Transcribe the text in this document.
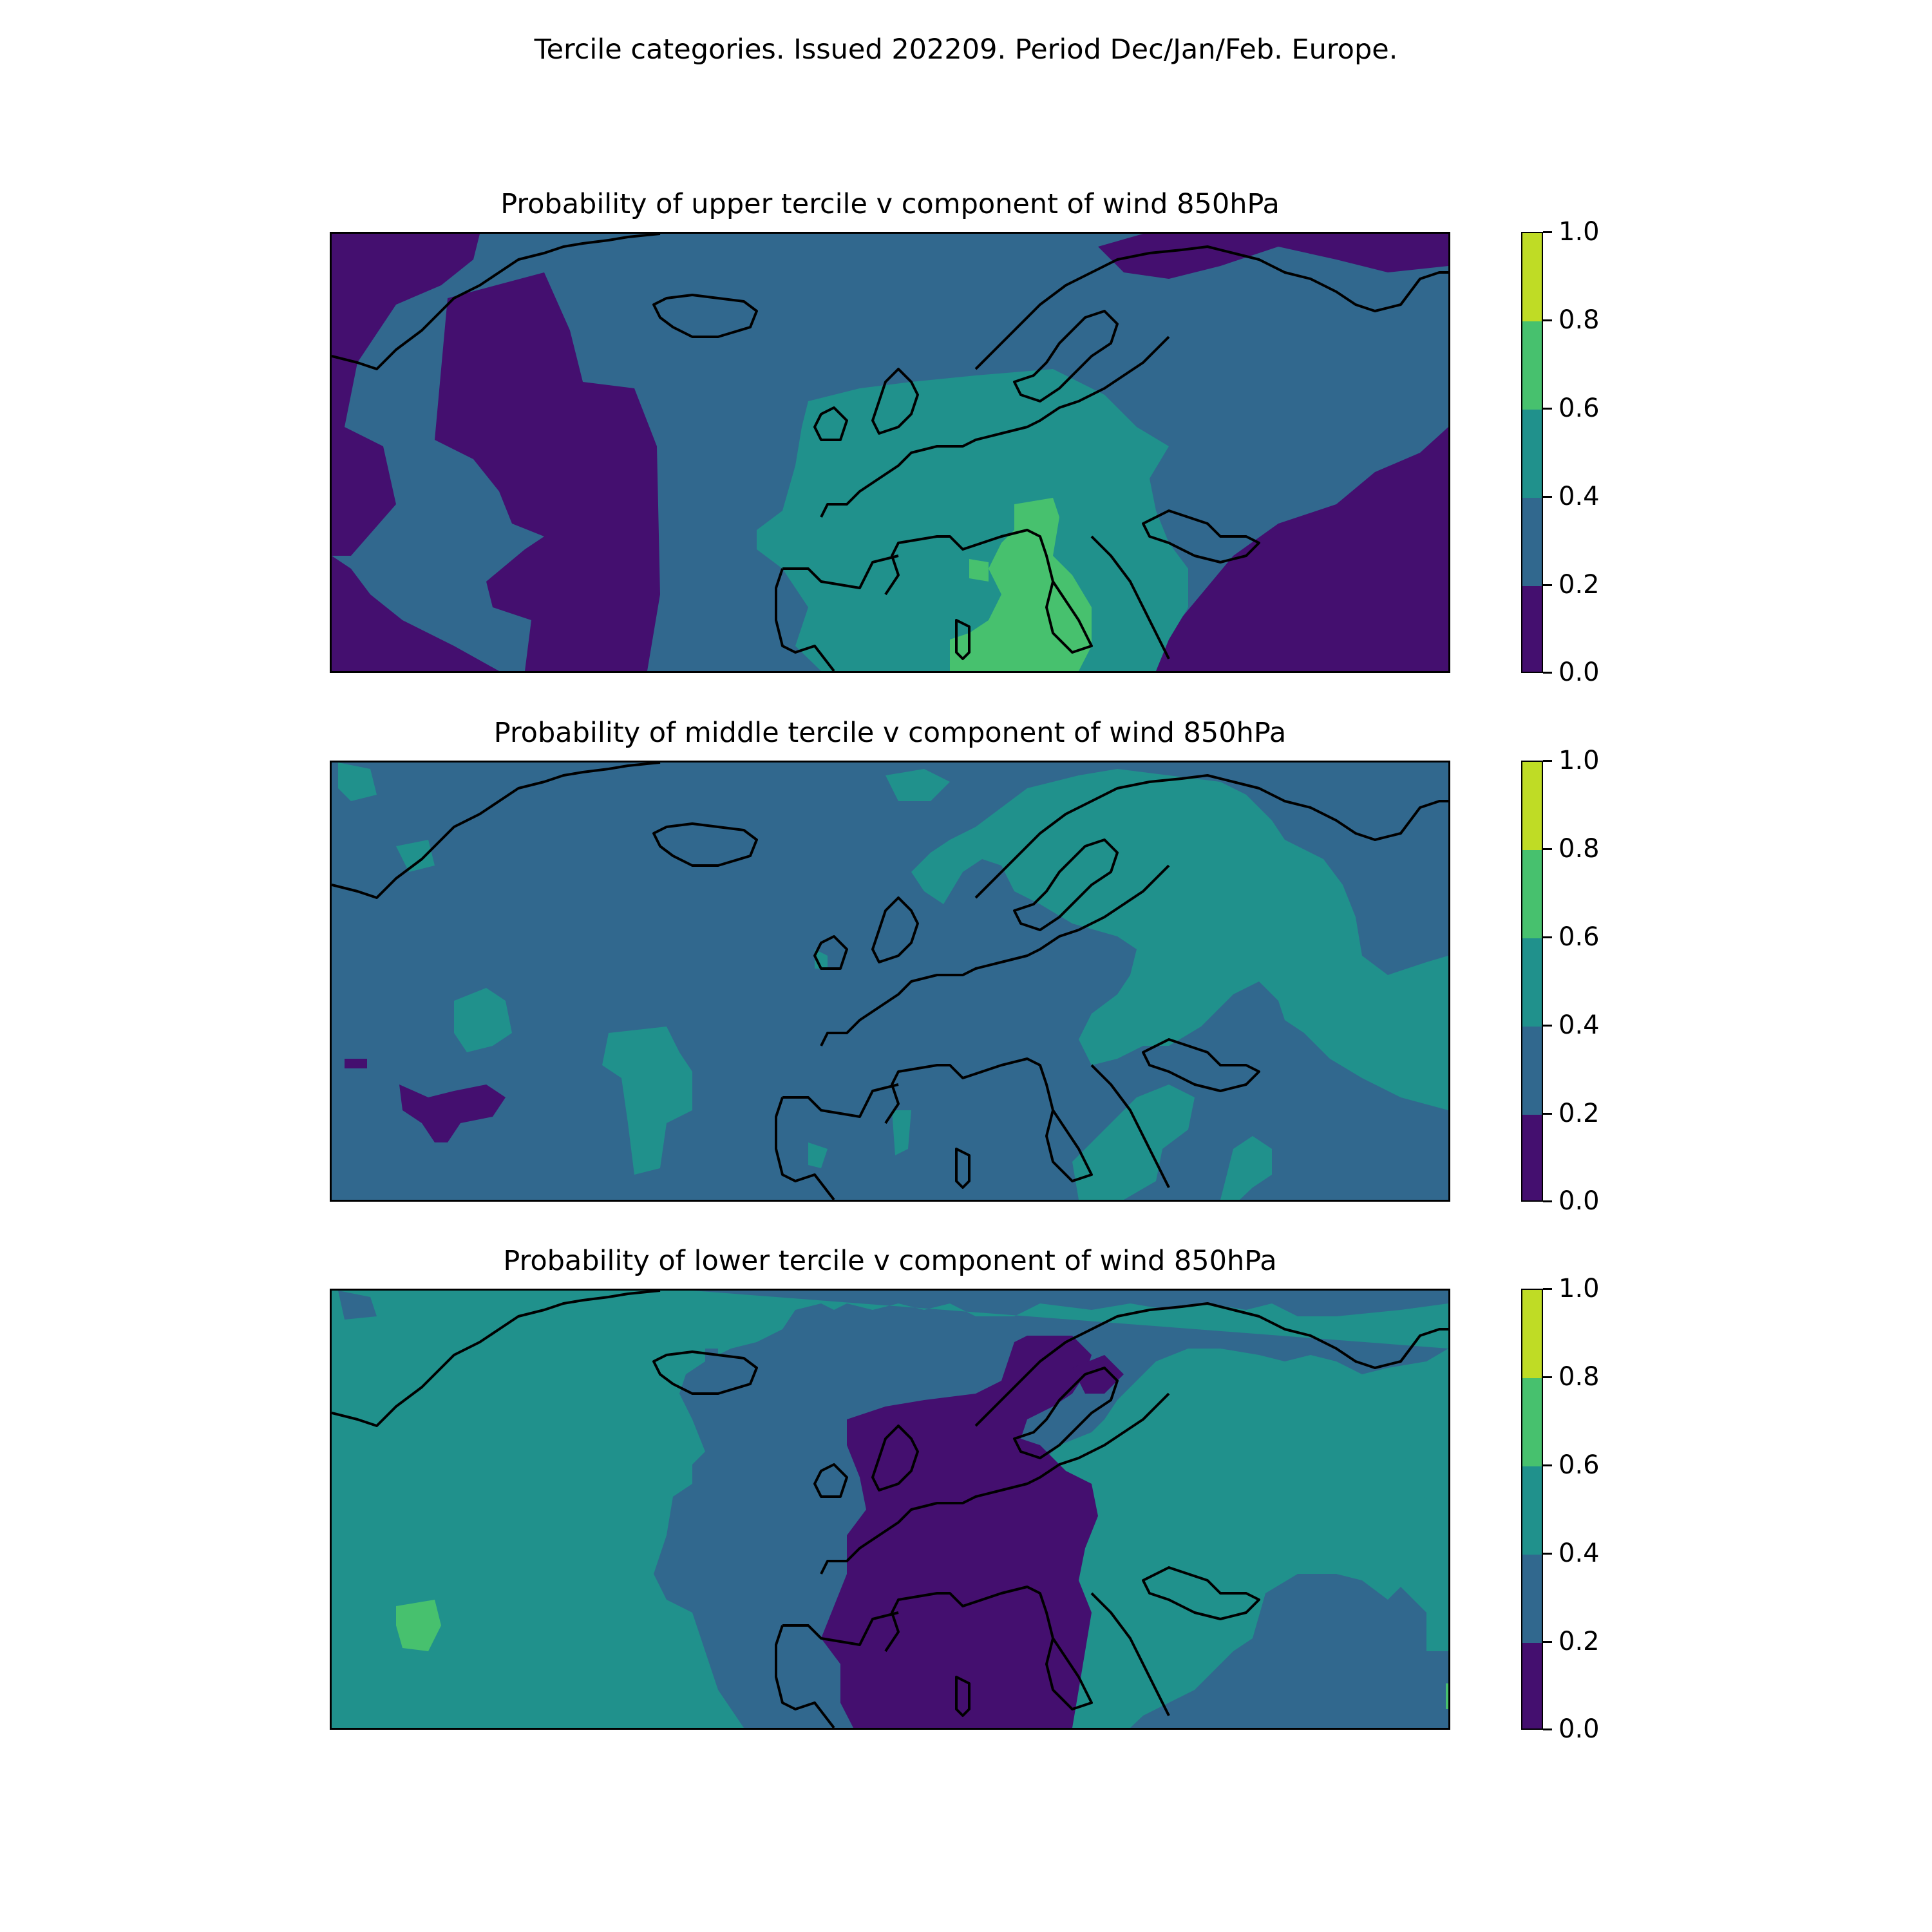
Tercile categories. Issued 202209. Period Dec/Jan/Feb. Europe.
Probability of upper tercile v component of wind 850hPa
1.0
0.8
0.6
0.4
0.2
0.0
Probability of middle tercile v component of wind 850hPa
1.0
0.8
0.6
0.4
0.2
0.0
Probability of lower tercile v component of wind 850hPa
1.0
0.8
0.6
0.4
0.2
0.0
